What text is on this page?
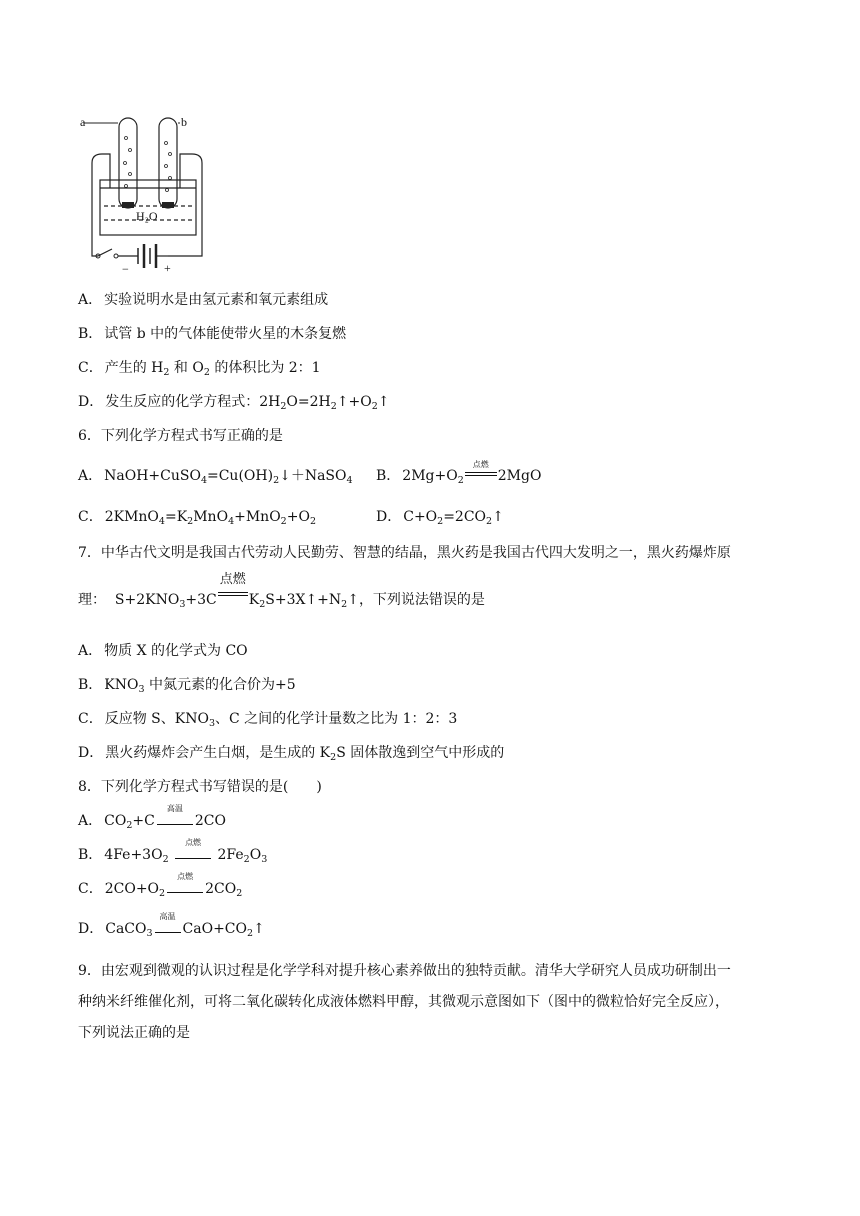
a	b
H₂O
−	+
A． 实验说明水是由氢元素和氧元素组成
B． 试管 b 中的气体能使带火星的木条复燃
C． 产生的 $H_2$ 和 $O_2$ 的体积比为 2：1
D． 发生反应的化学方程式：$2H_2O=2H_2↑+O_2↑$
6．下列化学方程式书写正确的是
A． $NaOH+CuSO_4=Cu(OH)_2↓+NaSO_4$ B． $2Mg+O_2$
点燃
2MgO
C． $2KMnO_4=K_2MnO_4+MnO_2+O_2$	D． $C+O_2=2CO_2↑$
7．中华古代文明是我国古代劳动人民勤劳、智慧的结晶，黑火药是我国古代四大发明之一，黑火药爆炸原
理： $S+2KNO_3+3C$
点燃
$K_2S+3X↑+N_2↑$，下列说法错误的是
A． 物质 X 的化学式为 CO
B． $KNO_3$ 中氮元素的化合价为+5
C． 反应物 S、$KNO_3$、C 之间的化学计量数之比为 1：2：3
D． 黑火药爆炸会产生白烟，是生成的 $K_2S$ 固体散逸到空气中形成的
8．下列化学方程式书写错误的是(　　)
A． $CO_2+C$
高温
2CO
B． $4Fe+3O_2$
点燃
$2Fe_2O_3$
C． $2CO+O_2$
点燃
$2CO_2$
D． CaCO$_3$
高温
$CaO+CO_2↑$
9．由宏观到微观的认识过程是化学学科对提升核心素养做出的独特贡献。清华大学研究人员成功研制出一
种纳米纤维催化剂，可将二氧化碳转化成液体燃料甲醇，其微观示意图如下（图中的微粒恰好完全反应），
下列说法正确的是
